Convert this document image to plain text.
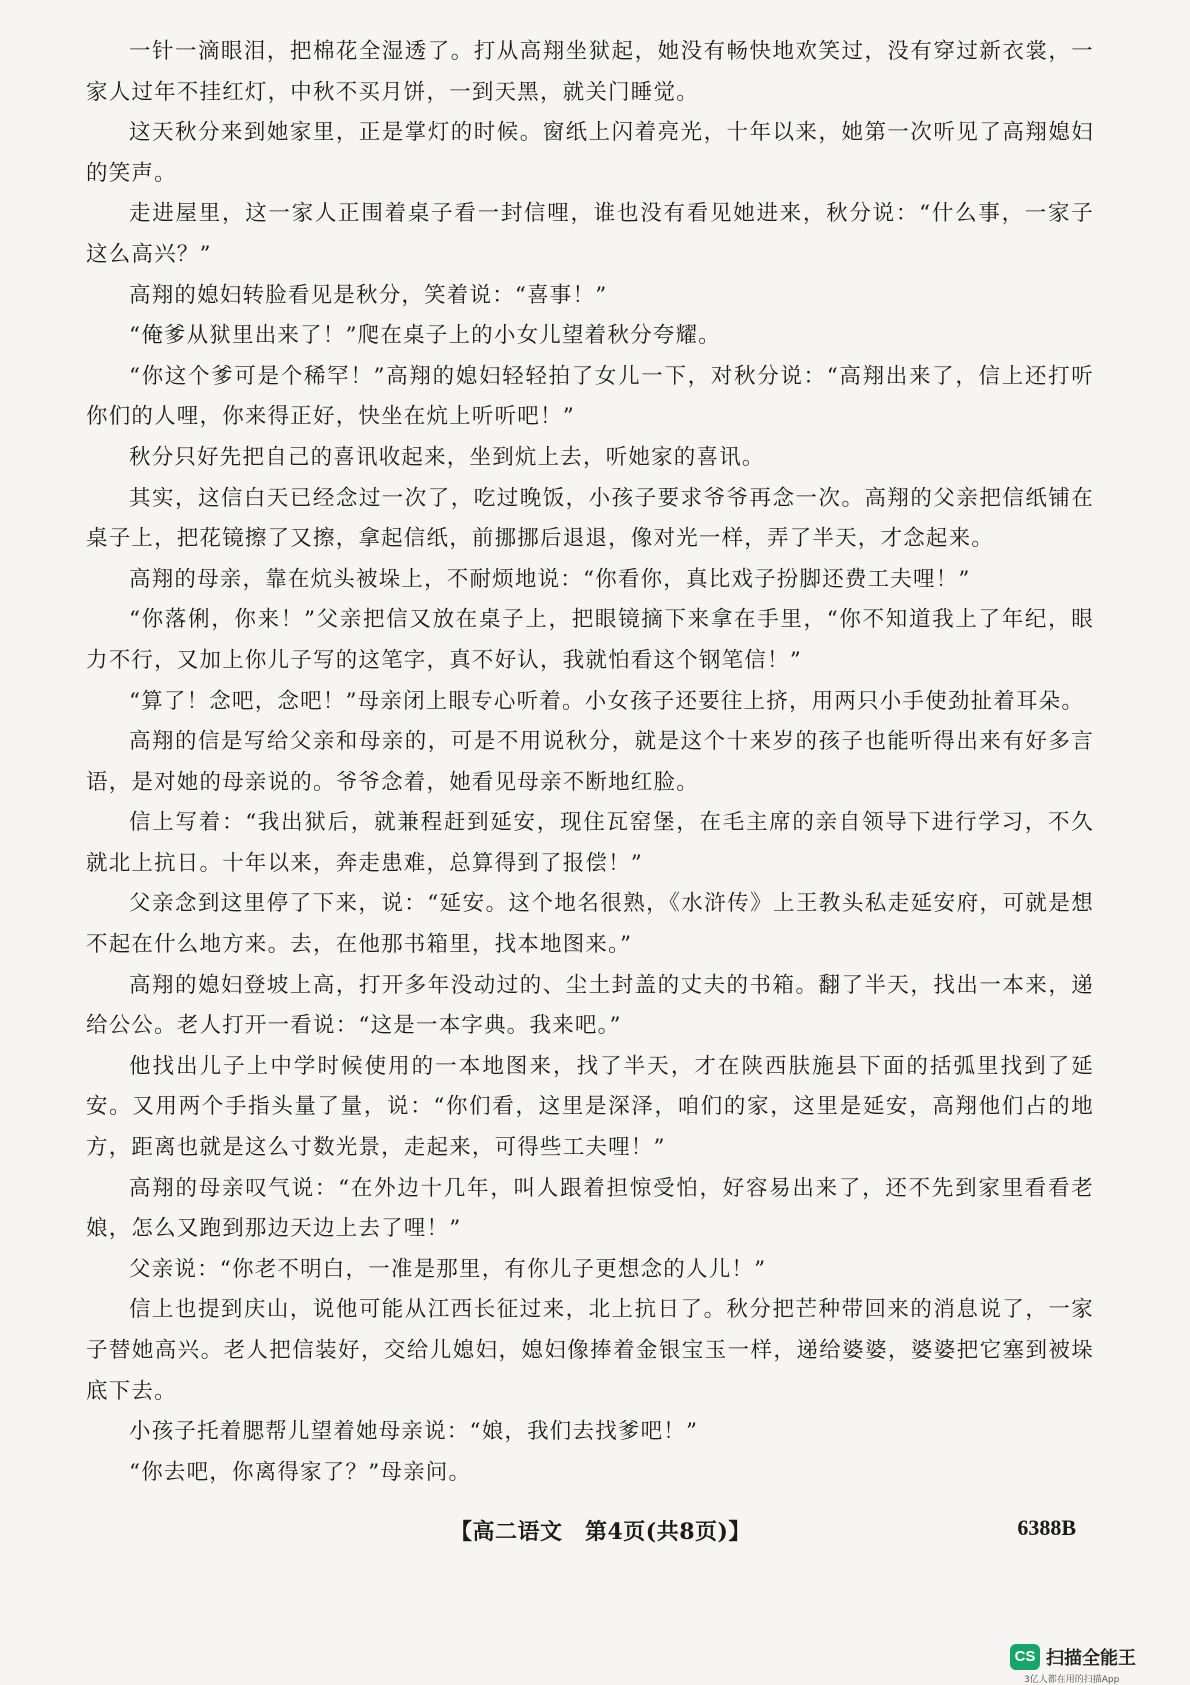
一针一滴眼泪，把棉花全湿透了。打从高翔坐狱起，她没有畅快地欢笑过，没有穿过新衣裳，一家人过年不挂红灯，中秋不买月饼，一到天黑，就关门睡觉。

这天秋分来到她家里，正是掌灯的时候。窗纸上闪着亮光，十年以来，她第一次听见了高翔媳妇的笑声。

走进屋里，这一家人正围着桌子看一封信哩，谁也没有看见她进来，秋分说：“什么事，一家子这么高兴？”

高翔的媳妇转脸看见是秋分，笑着说：“喜事！”

“俺爹从狱里出来了！”爬在桌子上的小女儿望着秋分夸耀。

“你这个爹可是个稀罕！”高翔的媳妇轻轻拍了女儿一下，对秋分说：“高翔出来了，信上还打听你们的人哩，你来得正好，快坐在炕上听听吧！”

秋分只好先把自己的喜讯收起来，坐到炕上去，听她家的喜讯。

其实，这信白天已经念过一次了，吃过晚饭，小孩子要求爷爷再念一次。高翔的父亲把信纸铺在桌子上，把花镜擦了又擦，拿起信纸，前挪挪后退退，像对光一样，弄了半天，才念起来。

高翔的母亲，靠在炕头被垛上，不耐烦地说：“你看你，真比戏子扮脚还费工夫哩！”

“你落俐，你来！”父亲把信又放在桌子上，把眼镜摘下来拿在手里，“你不知道我上了年纪，眼力不行，又加上你儿子写的这笔字，真不好认，我就怕看这个钢笔信！”

“算了！念吧，念吧！”母亲闭上眼专心听着。小女孩子还要往上挤，用两只小手使劲扯着耳朵。

高翔的信是写给父亲和母亲的，可是不用说秋分，就是这个十来岁的孩子也能听得出来有好多言语，是对她的母亲说的。爷爷念着，她看见母亲不断地红脸。

信上写着：“我出狱后，就兼程赶到延安，现住瓦窑堡，在毛主席的亲自领导下进行学习，不久就北上抗日。十年以来，奔走患难，总算得到了报偿！”

父亲念到这里停了下来，说：“延安。这个地名很熟，《水浒传》上王教头私走延安府，可就是想不起在什么地方来。去，在他那书箱里，找本地图来。”

高翔的媳妇登坡上高，打开多年没动过的、尘土封盖的丈夫的书箱。翻了半天，找出一本来，递给公公。老人打开一看说：“这是一本字典。我来吧。”

他找出儿子上中学时候使用的一本地图来，找了半天，才在陕西肤施县下面的括弧里找到了延安。又用两个手指头量了量，说：“你们看，这里是深泽，咱们的家，这里是延安，高翔他们占的地方，距离也就是这么寸数光景，走起来，可得些工夫哩！”

高翔的母亲叹气说：“在外边十几年，叫人跟着担惊受怕，好容易出来了，还不先到家里看看老娘，怎么又跑到那边天边上去了哩！”

父亲说：“你老不明白，一准是那里，有你儿子更想念的人儿！”

信上也提到庆山，说他可能从江西长征过来，北上抗日了。秋分把芒种带回来的消息说了，一家子替她高兴。老人把信装好，交给儿媳妇，媳妇像捧着金银宝玉一样，递给婆婆，婆婆把它塞到被垛底下去。

小孩子托着腮帮儿望着她母亲说：“娘，我们去找爹吧！”

“你去吧，你离得家了？”母亲问。

【高二语文　第4页(共8页)】	6388B
CS 扫描全能王
3亿人都在用的扫描App
